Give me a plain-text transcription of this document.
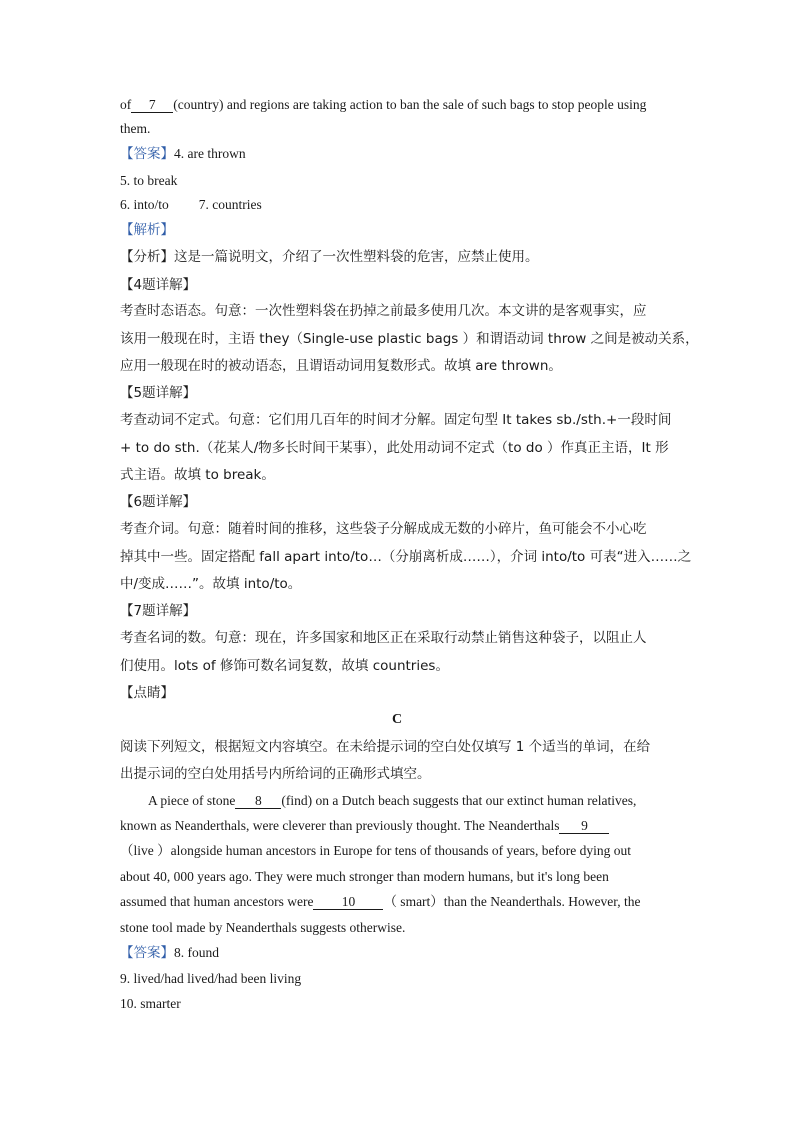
of 7 (country) and regions are taking action to ban the sale of such bags to stop people using
them.
【答案】4. are thrown
5. to break
6. into/to 7. countries
【解析】
【分析】这是一篇说明文，介绍了一次性塑料袋的危害，应禁止使用。
【4题详解】
考查时态语态。句意：一次性塑料袋在扔掉之前最多使用几次。本文讲的是客观事实，应
该用一般现在时，主语 they（Single-use plastic bags ）和谓语动词 throw 之间是被动关系，
应用一般现在时的被动语态，且谓语动词用复数形式。故填 are thrown。
【5题详解】
考查动词不定式。句意：它们用几百年的时间才分解。固定句型 It takes sb./sth.+一段时间
+ to do sth.（花某人/物多长时间干某事），此处用动词不定式（to do ）作真正主语，It 形
式主语。故填 to break。
【6题详解】
考查介词。句意：随着时间的推移，这些袋子分解成成无数的小碎片，鱼可能会不小心吃
掉其中一些。固定搭配 fall apart into/to…（分崩离析成……），介词 into/to 可表“进入……之
中/变成……”。故填 into/to。
【7题详解】
考查名词的数。句意：现在，许多国家和地区正在采取行动禁止销售这种袋子，以阻止人
们使用。lots of 修饰可数名词复数，故填 countries。
【点睛】
C
阅读下列短文，根据短文内容填空。在未给提示词的空白处仅填写 1 个适当的单词，在给
出提示词的空白处用括号内所给词的正确形式填空。
A piece of stone 8 (find) on a Dutch beach suggests that our extinct human relatives,
known as Neanderthals, were cleverer than previously thought. The Neanderthals 9
（live ）alongside human ancestors in Europe for tens of thousands of years, before dying out
about 40, 000 years ago. They were much stronger than modern humans, but it's long been
assumed that human ancestors were 10 （ smart）than the Neanderthals. However, the
stone tool made by Neanderthals suggests otherwise.
【答案】8. found
9. lived/had lived/had been living
10. smarter
